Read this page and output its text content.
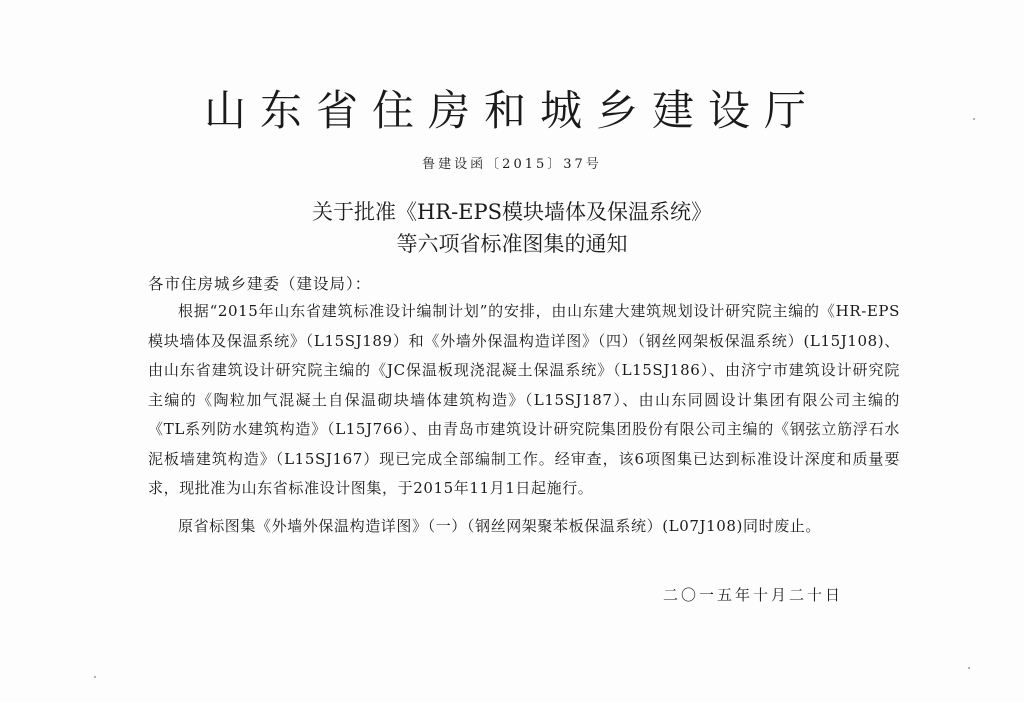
山东省住房和城乡建设厅
鲁建设函〔2015〕37号
关于批准《HR-EPS模块墙体及保温系统》
等六项省标准图集的通知
各市住房城乡建委（建设局）：

根据“2015年山东省建筑标准设计编制计划”的安排，由山东建大建筑规划设计研究院主编的《HR-EPS模块墙体及保温系统》（L15SJ189）和《外墙外保温构造详图》（四）（钢丝网架板保温系统）(L15J108)、由山东省建筑设计研究院主编的《JC保温板现浇混凝土保温系统》（L15SJ186）、由济宁市建筑设计研究院主编的《陶粒加气混凝土自保温砌块墙体建筑构造》（L15SJ187）、由山东同圆设计集团有限公司主编的《TL系列防水建筑构造》（L15J766）、由青岛市建筑设计研究院集团股份有限公司主编的《钢弦立筋浮石水泥板墙建筑构造》（L15SJ167）现已完成全部编制工作。经审查，该6项图集已达到标准设计深度和质量要求，现批准为山东省标准设计图集，于2015年11月1日起施行。

原省标图集《外墙外保温构造详图》（一）（钢丝网架聚苯板保温系统）(L07J108)同时废止。

二〇一五年十月二十日
